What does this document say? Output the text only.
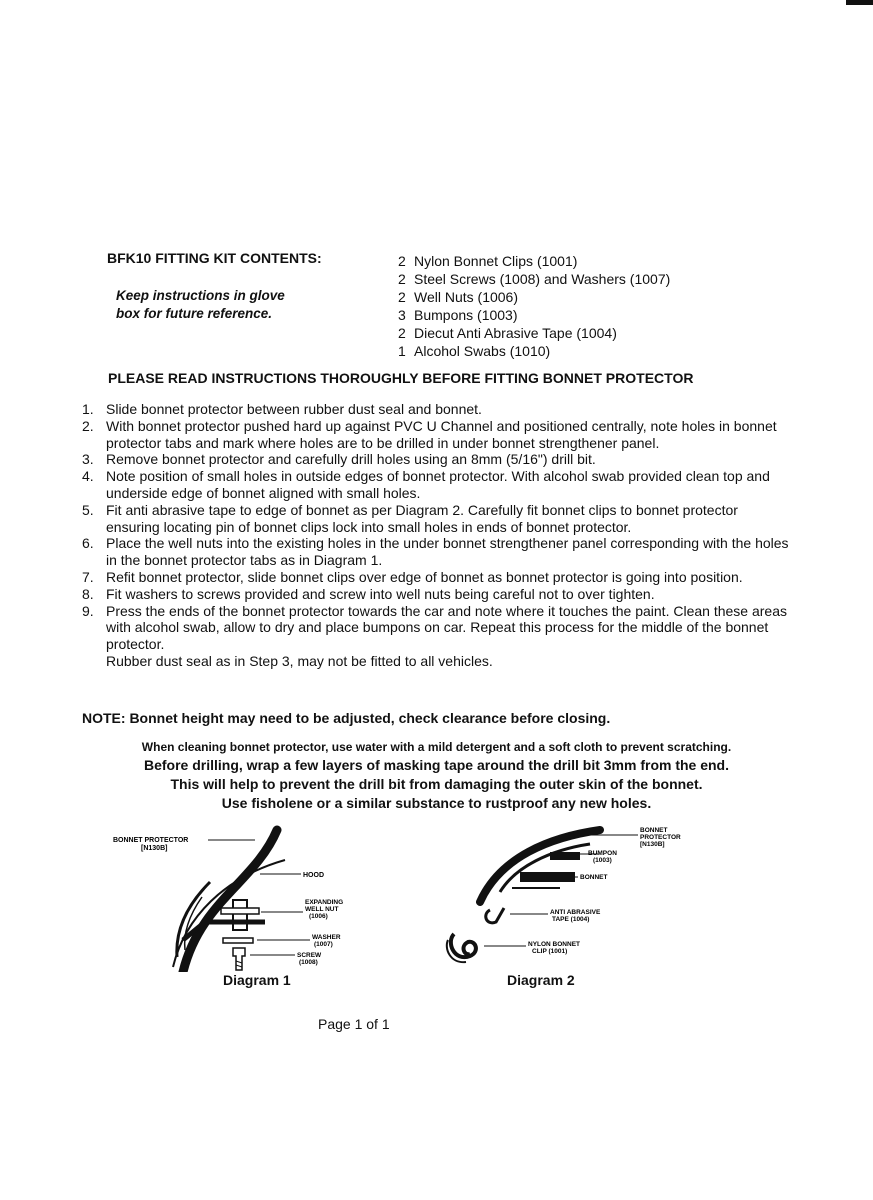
BFK10 FITTING KIT CONTENTS:
Keep instructions in glove
box for future reference.
2 Nylon Bonnet Clips (1001)
2 Steel Screws (1008) and Washers (1007)
2 Well Nuts (1006)
3 Bumpons (1003)
2 Diecut Anti Abrasive Tape (1004)
1 Alcohol Swabs (1010)
PLEASE READ INSTRUCTIONS THOROUGHLY BEFORE FITTING BONNET PROTECTOR
1. Slide bonnet protector between rubber dust seal and bonnet.
2. With bonnet protector pushed hard up against PVC U Channel and positioned centrally, note holes in bonnet protector tabs and mark where holes are to be drilled in under bonnet strengthener panel.
3. Remove bonnet protector and carefully drill holes using an 8mm (5/16") drill bit.
4. Note position of small holes in outside edges of bonnet protector. With alcohol swab provided clean top and underside edge of bonnet aligned with small holes.
5. Fit anti abrasive tape to edge of bonnet as per Diagram 2. Carefully fit bonnet clips to bonnet protector ensuring locating pin of bonnet clips lock into small holes in ends of bonnet protector.
6. Place the well nuts into the existing holes in the under bonnet strengthener panel corresponding with the holes in the bonnet protector tabs as in Diagram 1.
7. Refit bonnet protector, slide bonnet clips over edge of bonnet as bonnet protector is going into position.
8. Fit washers to screws provided and screw into well nuts being careful not to over tighten.
9. Press the ends of the bonnet protector towards the car and note where it touches the paint. Clean these areas with alcohol swab, allow to dry and place bumpons on car. Repeat this process for the middle of the bonnet protector.
Rubber dust seal as in Step 3, may not be fitted to all vehicles.
NOTE: Bonnet height may need to be adjusted, check clearance before closing.
When cleaning bonnet protector, use water with a mild detergent and a soft cloth to prevent scratching.
Before drilling, wrap a few layers of masking tape around the drill bit 3mm from the end.
This will help to prevent the drill bit from damaging the outer skin of the bonnet.
Use fisholene or a similar substance to rustproof any new holes.
BONNET PROTECTOR
[N130B]
HOOD
EXPANDING
WELL NUT
(1006)
WASHER
(1007)
SCREW
(1008)
Diagram 1
BONNET
PROTECTOR
[N130B]
BUMPON
(1003)
BONNET
ANTI ABRASIVE
TAPE (1004)
NYLON BONNET
CLIP (1001)
Diagram 2
Page 1 of 1
